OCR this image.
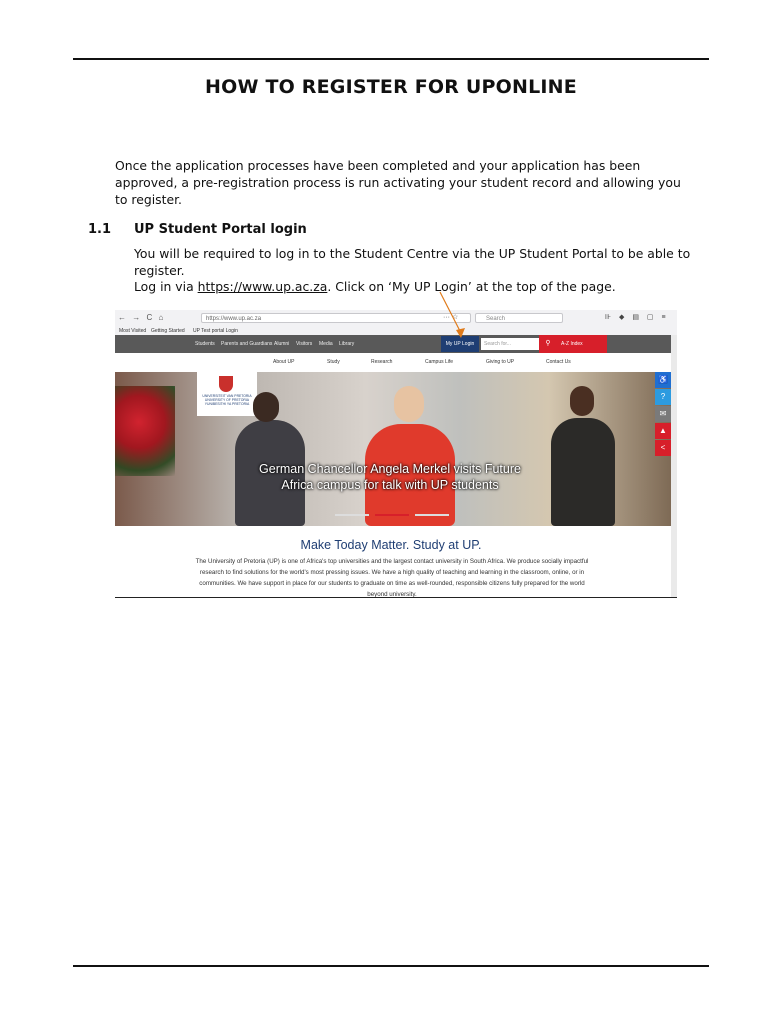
HOW TO REGISTER FOR UPONLINE

Once the application processes have been completed and your application has been approved, a pre-registration process is run activating your student record and allowing you to register.

1.1 UP Student Portal login

You will be required to log in to the Student Centre via the UP Student Portal to be able to register.
Log in via https://www.up.ac.za. Click on ‘My UP Login’ at the top of the page.

← → C ⌂	https://www.up.ac.za	··· ☆	Search	⊪ ◆ ▤ ▢ ≡
Most Visited Getting Started UP Test portal Login
Students Parents and Guardians Alumni Visitors Media Library	My UP Login	Search for...	⚲	A-Z Index
About UP	Study	Research	Campus Life	Giving to UP	Contact Us
UNIVERSITEIT VAN PRETORIA UNIVERSITY OF PRETORIA YUNIBESITHI YA PRETORIA
German Chancellor Angela Merkel visits Future Africa campus for talk with UP students
♿
?
✉
▲
<
Make Today Matter. Study at UP.

The University of Pretoria (UP) is one of Africa's top universities and the largest contact university in South Africa. We produce socially impactful research to find solutions for the world's most pressing issues. We have a high quality of teaching and learning in the classroom, online, or in communities. We have support in place for our students to graduate on time as well-rounded, responsible citizens fully prepared for the world beyond university.
